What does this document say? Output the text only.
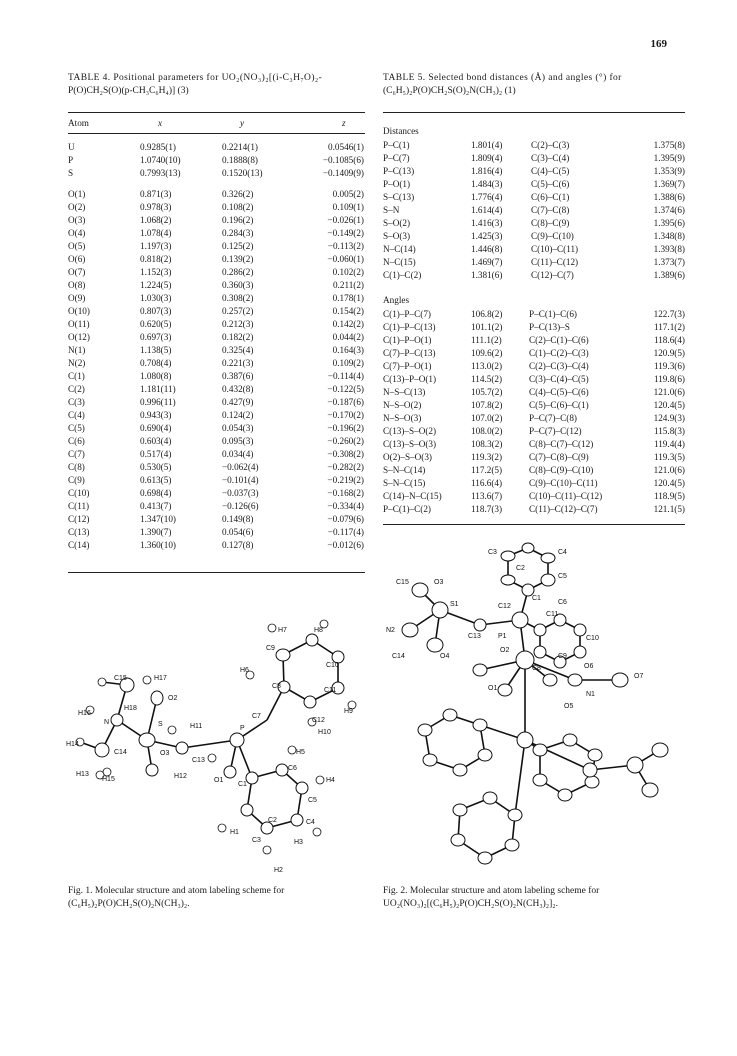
169
TABLE 4. Positional parameters for UO₂(NO₃)₂[(i-C₃H₇O)₂-
P(O)CH₂S(O)(p-CH₃C₆H₄)] (3)
Atom	x	y	z
U	0.9285(1)	0.2214(1)	0.0546(1)
P	1.0740(10)	0.1888(8)	−0.1085(6)
S	0.7993(13)	0.1520(13)	−0.1409(9)
O(1)	0.871(3)	0.326(2)	0.005(2)
O(2)	0.978(3)	0.108(2)	0.109(1)
O(3)	1.068(2)	0.196(2)	−0.026(1)
O(4)	1.078(4)	0.284(3)	−0.149(2)
O(5)	1.197(3)	0.125(2)	−0.113(2)
O(6)	0.818(2)	0.139(2)	−0.060(1)
O(7)	1.152(3)	0.286(2)	0.102(2)
O(8)	1.224(5)	0.360(3)	0.211(2)
O(9)	1.030(3)	0.308(2)	0.178(1)
O(10)	0.807(3)	0.257(2)	0.154(2)
O(11)	0.620(5)	0.212(3)	0.142(2)
O(12)	0.697(3)	0.182(2)	0.044(2)
N(1)	1.138(5)	0.325(4)	0.164(3)
N(2)	0.708(4)	0.221(3)	0.109(2)
C(1)	1.080(8)	0.387(6)	−0.114(4)
C(2)	1.181(11)	0.432(8)	−0.122(5)
C(3)	0.996(11)	0.427(9)	−0.187(6)
C(4)	0.943(3)	0.124(2)	−0.170(2)
C(5)	0.690(4)	0.054(3)	−0.196(2)
C(6)	0.603(4)	0.095(3)	−0.260(2)
C(7)	0.517(4)	0.034(4)	−0.308(2)
C(8)	0.530(5)	−0.062(4)	−0.282(2)
C(9)	0.613(5)	−0.101(4)	−0.219(2)
C(10)	0.698(4)	−0.037(3)	−0.168(2)
C(11)	0.413(7)	−0.126(6)	−0.334(4)
C(12)	1.347(10)	0.149(8)	−0.079(6)
C(13)	1.390(7)	0.054(6)	−0.117(4)
C(14)	1.360(10)	0.127(8)	−0.012(6)
TABLE 5. Selected bond distances (Å) and angles (°) for
(C₆H₅)₂P(O)CH₂S(O)₂N(CH₃)₂ (1)
Distances
P–C(1)	1.801(4)	C(2)–C(3)	1.375(8)
P–C(7)	1.809(4)	C(3)–C(4)	1.395(9)
P–C(13)	1.816(4)	C(4)–C(5)	1.353(9)
P–O(1)	1.484(3)	C(5)–C(6)	1.369(7)
S–C(13)	1.776(4)	C(6)–C(1)	1.388(6)
S–N	1.614(4)	C(7)–C(8)	1.374(6)
S–O(2)	1.416(3)	C(8)–C(9)	1.395(6)
S–O(3)	1.425(3)	C(9)–C(10)	1.348(8)
N–C(14)	1.446(8)	C(10)–C(11)	1.393(8)
N–C(15)	1.469(7)	C(11)–C(12)	1.373(7)
C(1)–C(2)	1.381(6)	C(12)–C(7)	1.389(6)
Angles
C(1)–P–C(7)	106.8(2)	P–C(1)–C(6)	122.7(3)
C(1)–P–C(13)	101.1(2)	P–C(13)–S	117.1(2)
C(1)–P–O(1)	111.1(2)	C(2)–C(1)–C(6)	118.6(4)
C(7)–P–C(13)	109.6(2)	C(1)–C(2)–C(3)	120.9(5)
C(7)–P–O(1)	113.0(2)	C(2)–C(3)–C(4)	119.3(6)
C(13)–P–O(1)	114.5(2)	C(3)–C(4)–C(5)	119.8(6)
N–S–C(13)	105.7(2)	C(4)–C(5)–C(6)	121.0(6)
N–S–O(2)	107.8(2)	C(5)–C(6)–C(1)	120.4(5)
N–S–O(3)	107.0(2)	P–C(7)–C(8)	124.9(3)
C(13)–S–O(2)	108.0(2)	P–C(7)–C(12)	115.8(3)
C(13)–S–O(3)	108.3(2)	C(8)–C(7)–C(12)	119.4(4)
O(2)–S–O(3)	119.3(2)	C(7)–C(8)–C(9)	119.3(5)
S–N–C(14)	117.2(5)	C(8)–C(9)–C(10)	121.0(6)
S–N–C(15)	116.6(4)	C(9)–C(10)–C(11)	120.4(5)
C(14)–N–C(15)	113.6(7)	C(10)–C(11)–C(12)	118.9(5)
P–C(1)–C(2)	118.7(3)	C(11)–C(12)–C(7)	121.1(5)
H7	H8
C9
C10
H6
C8
C11
H9
C15	H17
O2
H16
H18
N	S	H11	P
C7
C12
H10
H14
C14	O3
C13
H5
C6
H4
H13
H15	H12
O1
C1
C5
C2	C4
H1
C3	H3
H2
Fig. 1. Molecular structure and atom labeling scheme for
(C₆H₅)₂P(O)CH₂S(O)₂N(CH₃)₂.
C3	C4
C2
C5
C15	O3
C1
C6
C12
C11
N2
S1
C13 P1	C10
C14	O4
O2
C8
C9
O6
O7
O1
N1
O5
Fig. 2. Molecular structure and atom labeling scheme for
UO₂(NO₃)₂[(C₆H₅)₂P(O)CH₂S(O)₂N(CH₃)₂]₂.
